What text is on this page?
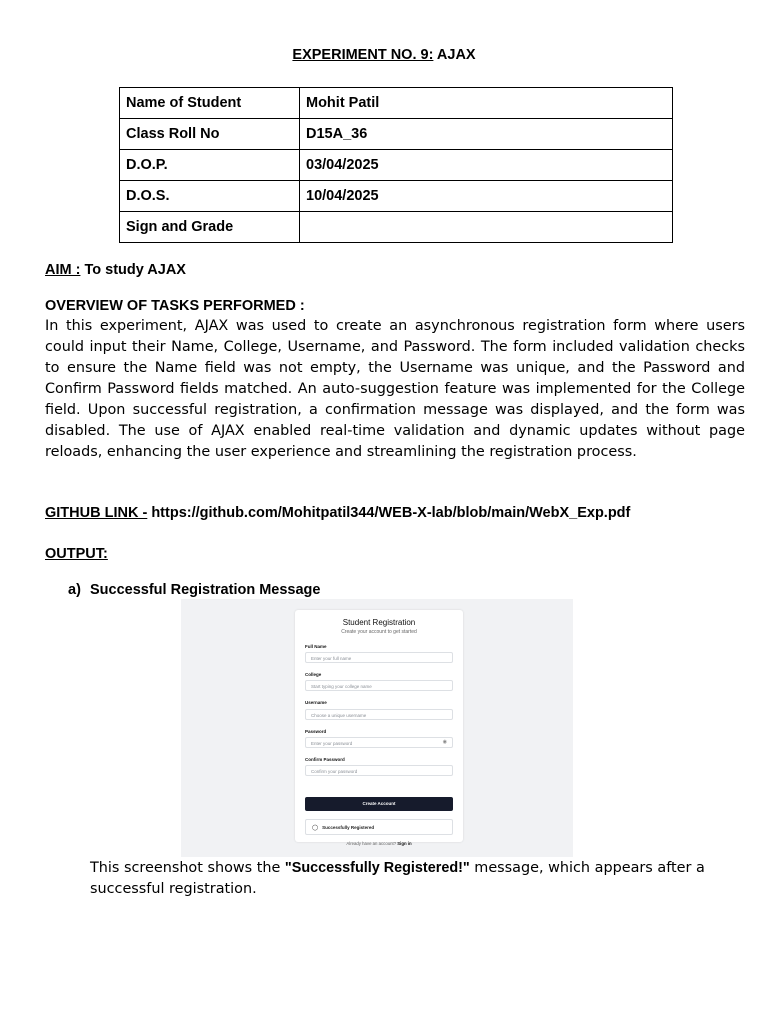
EXPERIMENT NO. 9: AJAX
Name of Student	Mohit Patil
Class Roll No	D15A_36
D.O.P.	03/04/2025
D.O.S.	10/04/2025
Sign and Grade	
AIM : To study AJAX
OVERVIEW OF TASKS PERFORMED :
In this experiment, AJAX was used to create an asynchronous registration form where users could input their Name, College, Username, and Password. The form included validation checks to ensure the Name field was not empty, the Username was unique, and the Password and Confirm Password fields matched. An auto-suggestion feature was implemented for the College field. Upon successful registration, a confirmation message was displayed, and the form was disabled. The use of AJAX enabled real-time validation and dynamic updates without page reloads, enhancing the user experience and streamlining the registration process.
GITHUB LINK - https://github.com/Mohitpatil344/WEB-X-lab/blob/main/WebX_Exp.pdf
OUTPUT:
a) Successful Registration Message
Student Registration
Create your account to get started
Full Name
Enter your full name
College
Start typing your college name
Username
Choose a unique username
Password
Enter your password	◉
Confirm Password
Confirm your password
Create Account
◯ Successfully Registered
Already have an account? Sign in
This screenshot shows the "Successfully Registered!" message, which appears after a successful registration.
